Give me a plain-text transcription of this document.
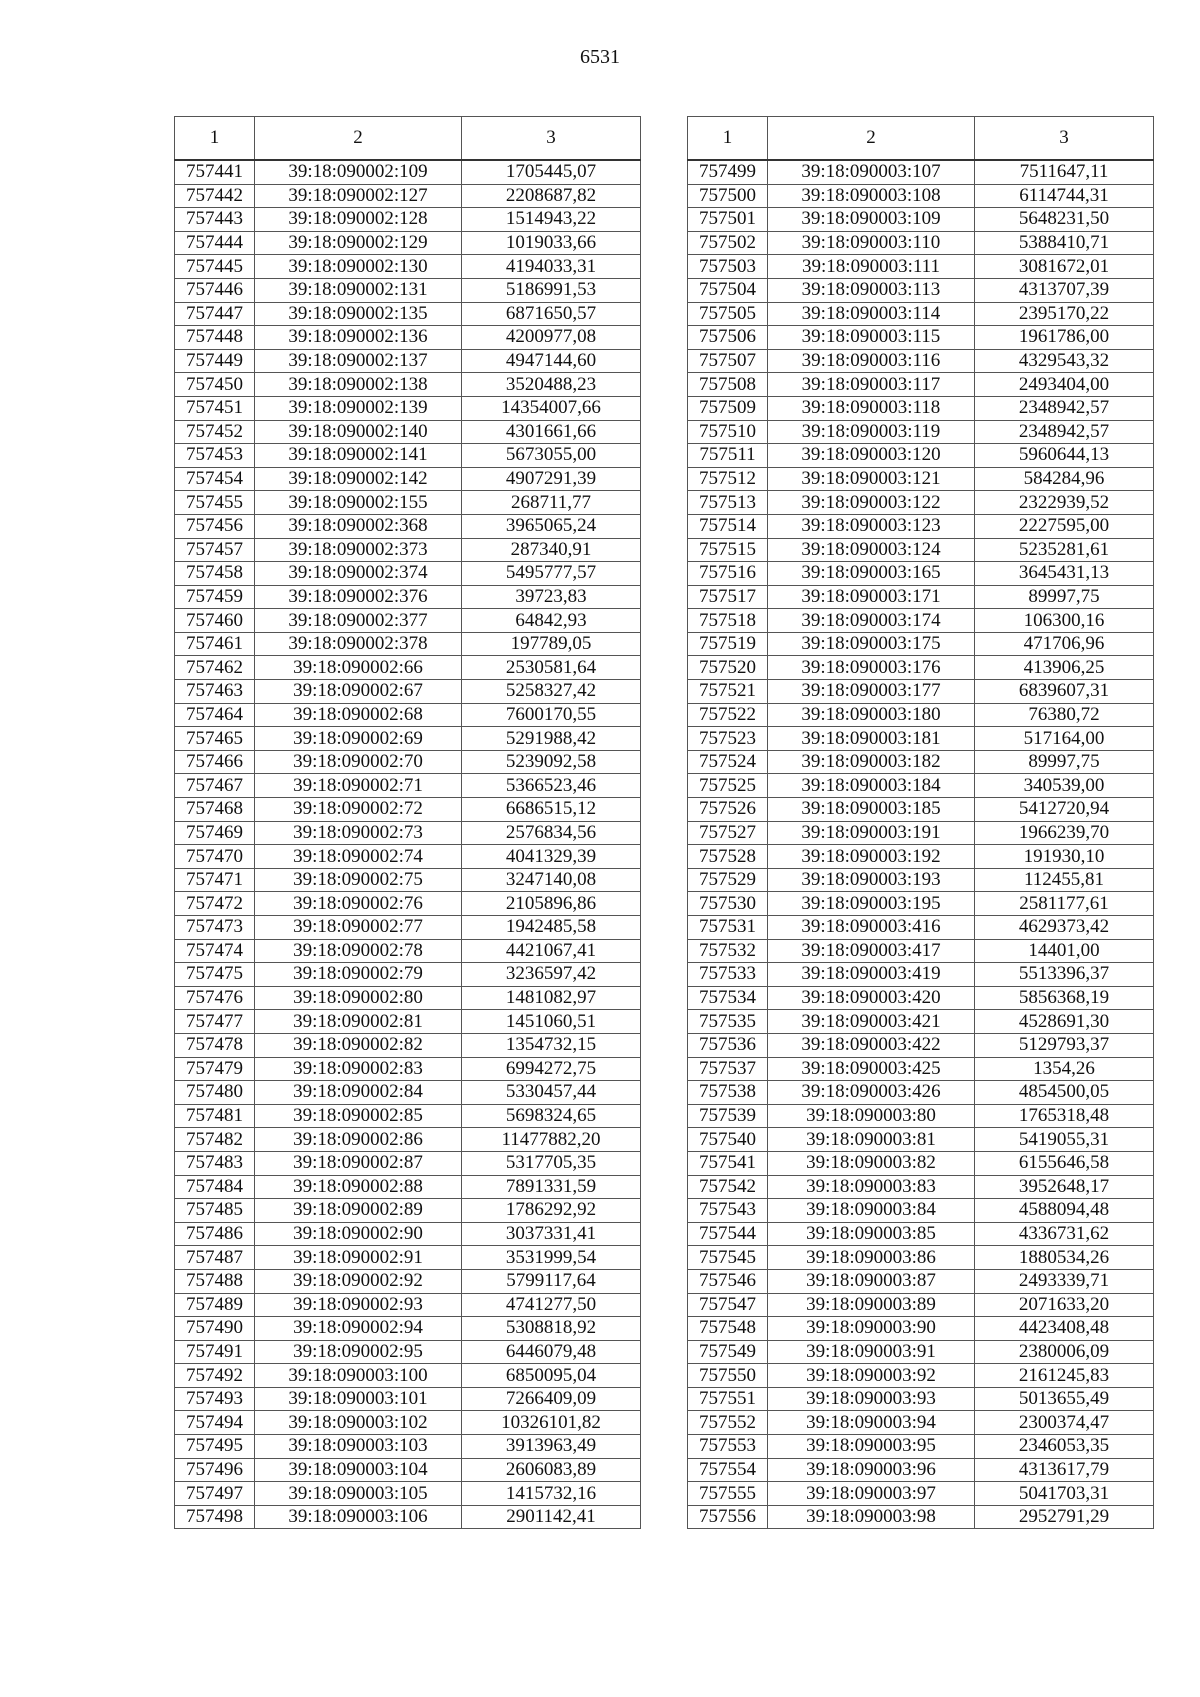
6531
1	2	3
757441	39:18:090002:109	1705445,07
757442	39:18:090002:127	2208687,82
757443	39:18:090002:128	1514943,22
757444	39:18:090002:129	1019033,66
757445	39:18:090002:130	4194033,31
757446	39:18:090002:131	5186991,53
757447	39:18:090002:135	6871650,57
757448	39:18:090002:136	4200977,08
757449	39:18:090002:137	4947144,60
757450	39:18:090002:138	3520488,23
757451	39:18:090002:139	14354007,66
757452	39:18:090002:140	4301661,66
757453	39:18:090002:141	5673055,00
757454	39:18:090002:142	4907291,39
757455	39:18:090002:155	268711,77
757456	39:18:090002:368	3965065,24
757457	39:18:090002:373	287340,91
757458	39:18:090002:374	5495777,57
757459	39:18:090002:376	39723,83
757460	39:18:090002:377	64842,93
757461	39:18:090002:378	197789,05
757462	39:18:090002:66	2530581,64
757463	39:18:090002:67	5258327,42
757464	39:18:090002:68	7600170,55
757465	39:18:090002:69	5291988,42
757466	39:18:090002:70	5239092,58
757467	39:18:090002:71	5366523,46
757468	39:18:090002:72	6686515,12
757469	39:18:090002:73	2576834,56
757470	39:18:090002:74	4041329,39
757471	39:18:090002:75	3247140,08
757472	39:18:090002:76	2105896,86
757473	39:18:090002:77	1942485,58
757474	39:18:090002:78	4421067,41
757475	39:18:090002:79	3236597,42
757476	39:18:090002:80	1481082,97
757477	39:18:090002:81	1451060,51
757478	39:18:090002:82	1354732,15
757479	39:18:090002:83	6994272,75
757480	39:18:090002:84	5330457,44
757481	39:18:090002:85	5698324,65
757482	39:18:090002:86	11477882,20
757483	39:18:090002:87	5317705,35
757484	39:18:090002:88	7891331,59
757485	39:18:090002:89	1786292,92
757486	39:18:090002:90	3037331,41
757487	39:18:090002:91	3531999,54
757488	39:18:090002:92	5799117,64
757489	39:18:090002:93	4741277,50
757490	39:18:090002:94	5308818,92
757491	39:18:090002:95	6446079,48
757492	39:18:090003:100	6850095,04
757493	39:18:090003:101	7266409,09
757494	39:18:090003:102	10326101,82
757495	39:18:090003:103	3913963,49
757496	39:18:090003:104	2606083,89
757497	39:18:090003:105	1415732,16
757498	39:18:090003:106	2901142,41
1	2	3
757499	39:18:090003:107	7511647,11
757500	39:18:090003:108	6114744,31
757501	39:18:090003:109	5648231,50
757502	39:18:090003:110	5388410,71
757503	39:18:090003:111	3081672,01
757504	39:18:090003:113	4313707,39
757505	39:18:090003:114	2395170,22
757506	39:18:090003:115	1961786,00
757507	39:18:090003:116	4329543,32
757508	39:18:090003:117	2493404,00
757509	39:18:090003:118	2348942,57
757510	39:18:090003:119	2348942,57
757511	39:18:090003:120	5960644,13
757512	39:18:090003:121	584284,96
757513	39:18:090003:122	2322939,52
757514	39:18:090003:123	2227595,00
757515	39:18:090003:124	5235281,61
757516	39:18:090003:165	3645431,13
757517	39:18:090003:171	89997,75
757518	39:18:090003:174	106300,16
757519	39:18:090003:175	471706,96
757520	39:18:090003:176	413906,25
757521	39:18:090003:177	6839607,31
757522	39:18:090003:180	76380,72
757523	39:18:090003:181	517164,00
757524	39:18:090003:182	89997,75
757525	39:18:090003:184	340539,00
757526	39:18:090003:185	5412720,94
757527	39:18:090003:191	1966239,70
757528	39:18:090003:192	191930,10
757529	39:18:090003:193	112455,81
757530	39:18:090003:195	2581177,61
757531	39:18:090003:416	4629373,42
757532	39:18:090003:417	14401,00
757533	39:18:090003:419	5513396,37
757534	39:18:090003:420	5856368,19
757535	39:18:090003:421	4528691,30
757536	39:18:090003:422	5129793,37
757537	39:18:090003:425	1354,26
757538	39:18:090003:426	4854500,05
757539	39:18:090003:80	1765318,48
757540	39:18:090003:81	5419055,31
757541	39:18:090003:82	6155646,58
757542	39:18:090003:83	3952648,17
757543	39:18:090003:84	4588094,48
757544	39:18:090003:85	4336731,62
757545	39:18:090003:86	1880534,26
757546	39:18:090003:87	2493339,71
757547	39:18:090003:89	2071633,20
757548	39:18:090003:90	4423408,48
757549	39:18:090003:91	2380006,09
757550	39:18:090003:92	2161245,83
757551	39:18:090003:93	5013655,49
757552	39:18:090003:94	2300374,47
757553	39:18:090003:95	2346053,35
757554	39:18:090003:96	4313617,79
757555	39:18:090003:97	5041703,31
757556	39:18:090003:98	2952791,29
